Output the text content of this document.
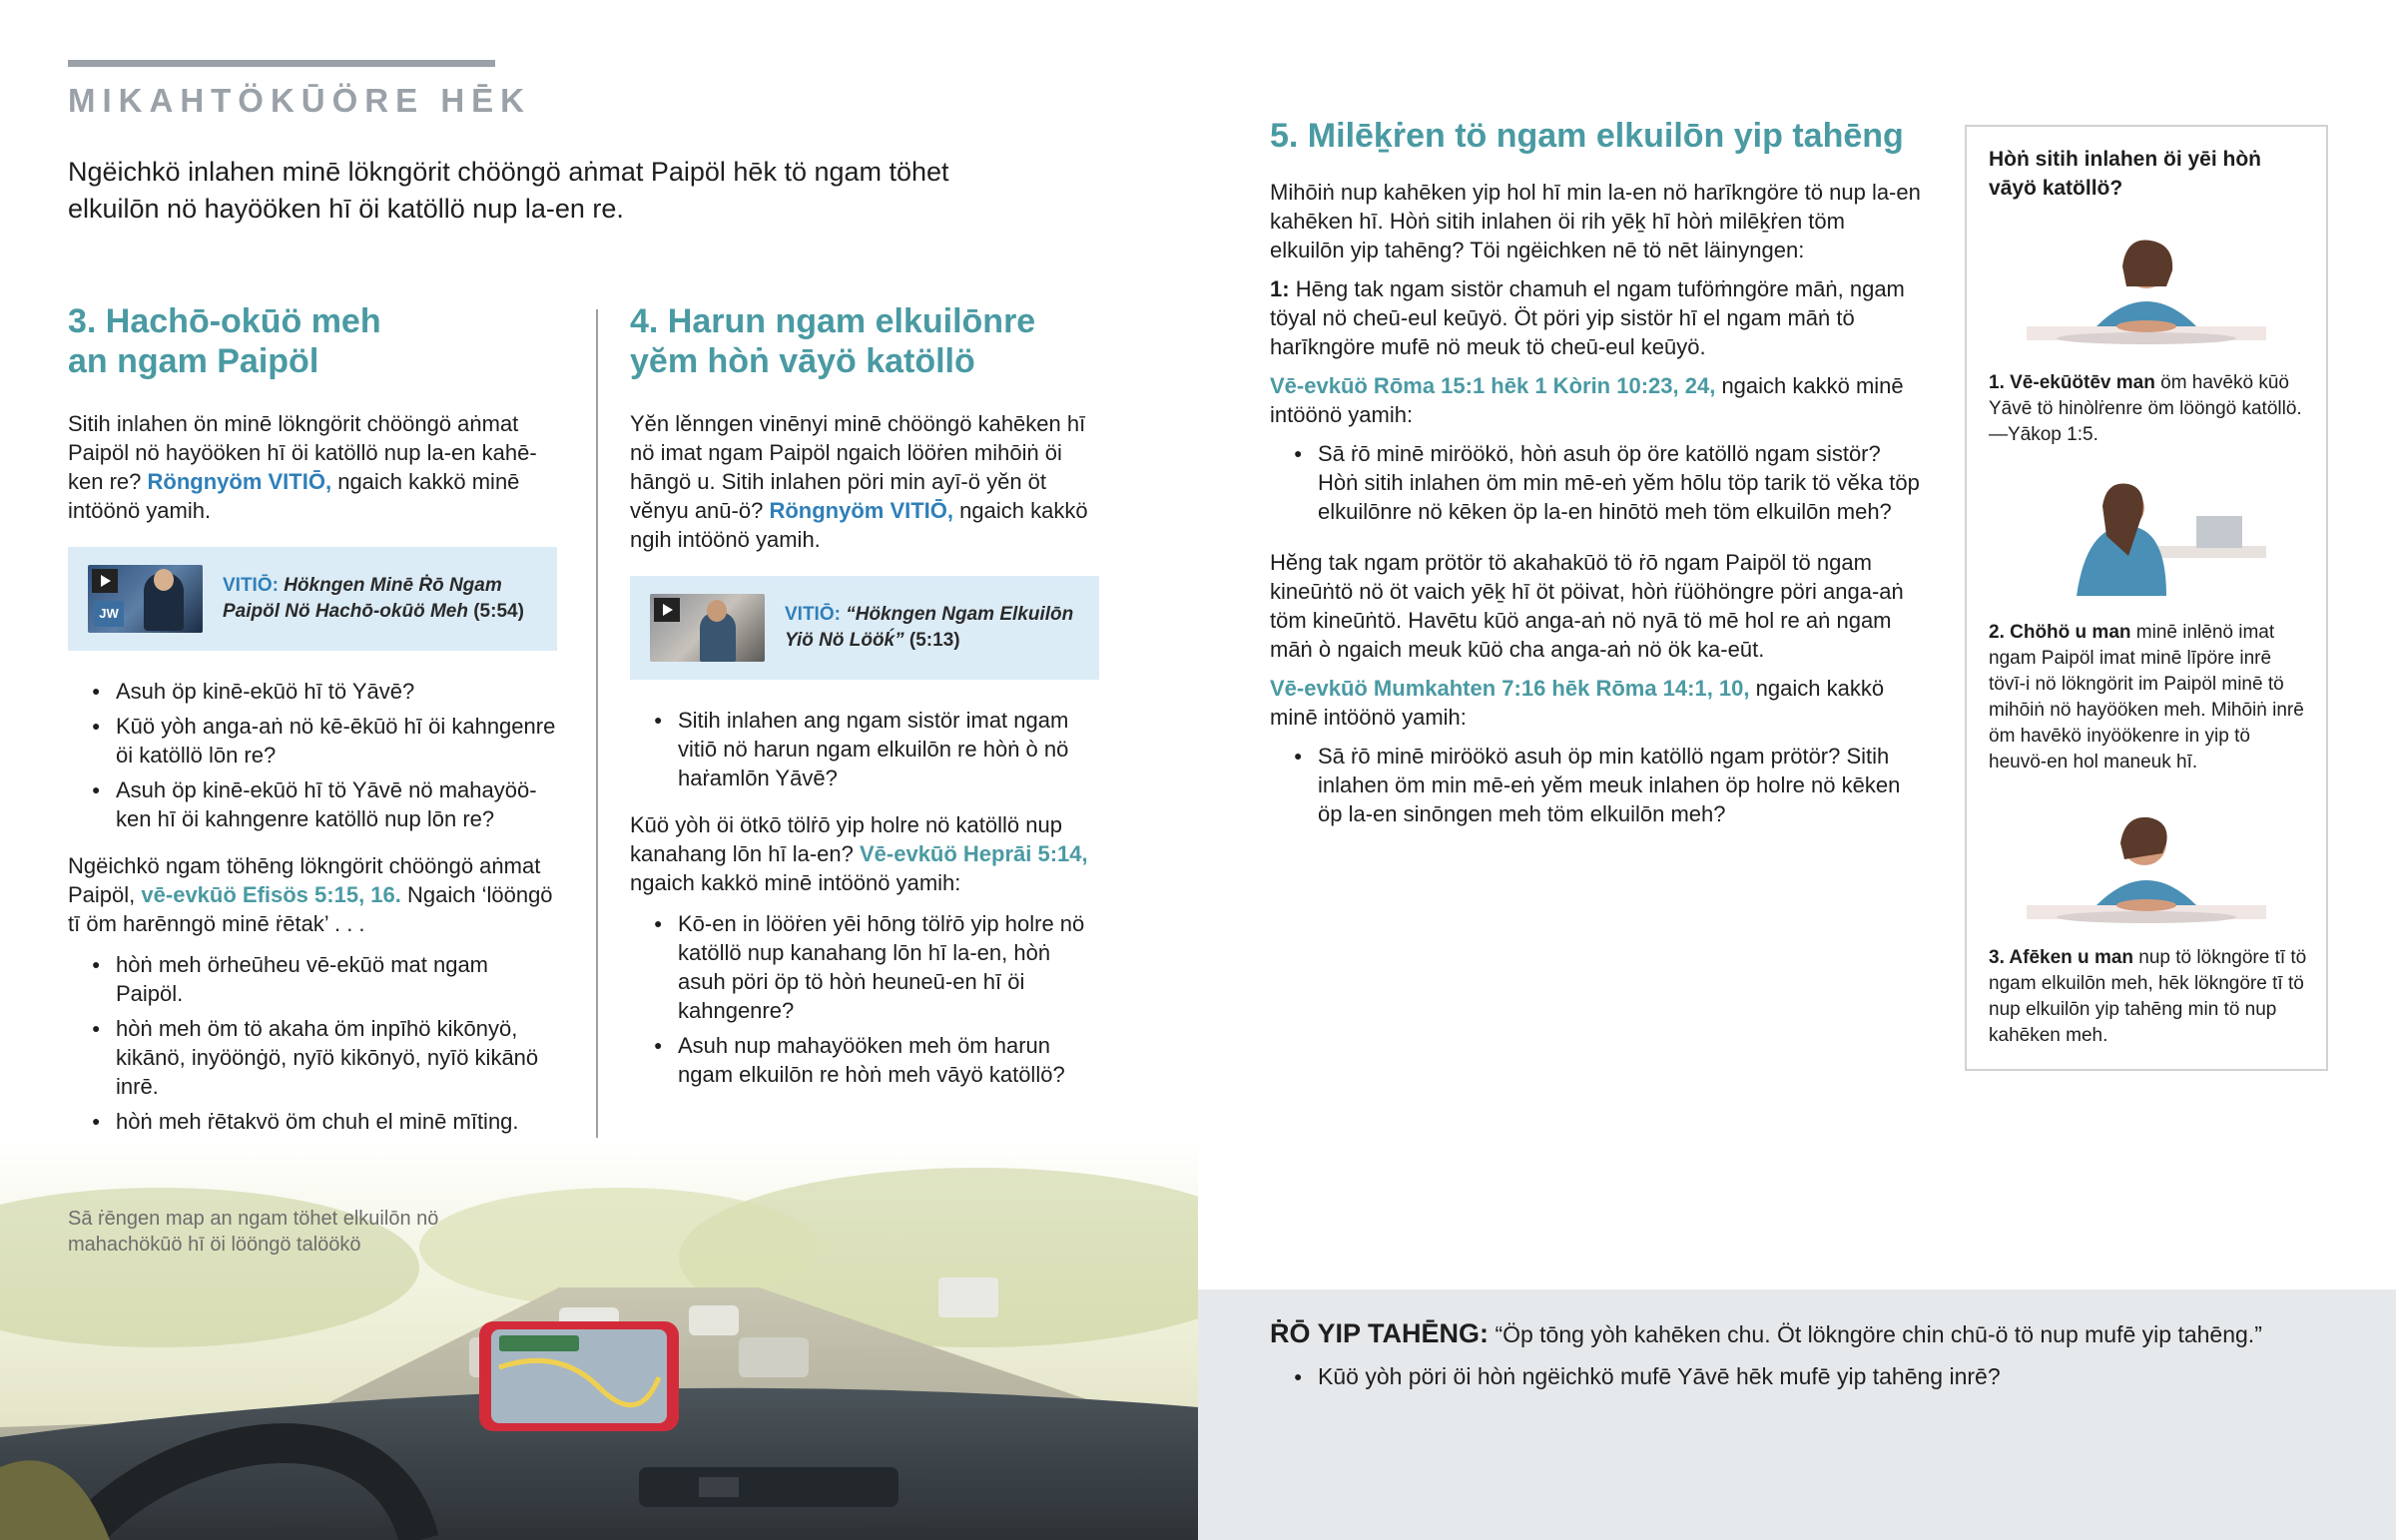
MIKAHTÖKŪÖRE HĒK
Ngëichkö inlahen minē lökngörit chööngö aṅmat Paipöl hēk tö ngam töhet elkuilōn nö hayööken hī öi katöllö nup la-en re.
3. Hachō-okūö meh
an ngam Paipöl

Sitih inlahen ön minē lökngörit chööngö aṅmat Paipöl nö hayööken hī öi katöllö nup la-en kahē-ken re? Röngnyöm VITIŌ, ngaich kakkö minē intöönö yamih.

JW
VITIŌ: Hökngen Minē Ṙō Ngam Paipöl Nö Hachō-okūö Meh (5:54)
● Asuh öp kinē-ekūö hī tö Yāvē?
● Kūö yòh anga-aṅ nö kē-ēkūö hī öi kahngenre öi katöllö lōn re?
● Asuh öp kinē-ekūö hī tö Yāvē nö mahayöö-ken hī öi kahngenre katöllö nup lōn re?

Ngëichkö ngam töhēng lökngörit chööngö aṅmat Paipöl, vē-evkūö Efisös 5:15, 16. Ngaich ‘lööngö tī öm harēnngö minē ṙētak’ . . .

● hòṅ meh örheūheu vē-ekūö mat ngam Paipöl.
● hòṅ meh öm tö akaha öm inpīhö kikōnyö, kikānö, inyöönġö, nyīö kikōnyö, nyīö kikānö inrē.
● hòṅ meh ṙētakvö öm chuh el minē mīting.
4. Harun ngam elkuilōnre
yĕm hòṅ vāyö katöllö

Yĕn lĕnngen vinēnyi minē chööngö kahēken hī nö imat ngam Paipöl ngaich lööṙen mihōiṅ öi hāngö u. Sitih inlahen pöri min ayī-ö yĕn öt vĕnyu anū-ö? Röngnyöm VITIŌ, ngaich kakkö ngih intöönö yamih.

VITIŌ: “Hökngen Ngam Elkuilōn Yiö Nö Lööḱ” (5:13)
● Sitih inlahen ang ngam sistör imat ngam vitiō nö harun ngam elkuilōn re hòṅ ò nö haṙamlōn Yāvē?

Kūö yòh öi ötkō tölṙō yip holre nö katöllö nup kanahang lōn hī la-en? Vē-evkūö Heprāi 5:14, ngaich kakkö minē intöönö yamih:

● Kō-en in lööṙen yēi hōng tölṙō yip holre nö katöllö nup kanahang lōn hī la-en, hòṅ asuh pöri öp tö hòṅ heuneū-en hī öi kahngenre?
● Asuh nup mahayööken meh öm harun ngam elkuilōn re hòṅ meh vāyö katöllö?
Sā ṙēngen map an ngam töhet elkuilōn nö mahachökūö hī öi lööngö talöökö
5. Milēḵṙen tö ngam elkuilōn yip tahēng

Mihōiṅ nup kahēken yip hol hī min la-en nö harīkngöre tö nup la-en kahēken hī. Hòṅ sitih inlahen öi rih yēḵ hī hòṅ milēḵṙen töm elkuilōn yip tahēng? Töi ngëichken nē tö nēt läinyngen:

1: Hēng tak ngam sistör chamuh el ngam tuföṁngöre māṅ, ngam töyal nö cheū-eul keūyö. Öt pöri yip sistör hī el ngam māṅ tö harīkngöre mufē nö meuk tö cheū-eul keūyö.

Vē-evkūö Rōma 15:1 hēk 1 Kòrin 10:23, 24, ngaich kakkö minē intöönö yamih:

● Sā ṙō minē miröökö, hòṅ asuh öp öre katöllö ngam sistör? Hòṅ sitih inlahen öm min mē-eṅ yĕm hōlu töp tarik tö vĕka töp elkuilōnre nö kēken öp la-en hinōtö meh töm elkuilōn meh?

Hĕng tak ngam prötör tö akahakūö tö ṙō ngam Paipöl tö ngam kineūṅtö nö öt vaich yēḵ hī öt pöivat, hòṅ ṙüöhöngre pöri anga-aṅ töm kineūṅtö. Havētu kūö anga-aṅ nö nyā tö mē hol re aṅ ngam māṅ ò ngaich meuk kūö cha anga-aṅ nö ök ka-eūt.

Vē-evkūö Mumkahten 7:16 hēk Rōma 14:1, 10, ngaich kakkö minē intöönö yamih:

● Sā ṙō minē miröökö asuh öp min katöllö ngam prötör? Sitih inlahen öm min mē-eṅ yĕm meuk inlahen öp holre nö kēken öp la-en sinōngen meh töm elkuilōn meh?
Hòṅ sitih inlahen öi yēi hòṅ vāyö katöllö?
1. Vē-ekūötēv man öm havēkö kūö Yāvē tö hinòlṙenre öm lööngö katöllö.—Yākop 1:5.
2. Chöhö u man minē inlēnö imat ngam Paipöl imat minē līpöre inrē tövī-i nö lökngörit im Paipöl minē tö mihōiṅ nö hayööken meh. Mihōiṅ inrē öm havēkö inyöökenre in yip tö heuvö-en hol maneuk hī.
3. Afēken u man nup tö lökngöre tī tö ngam elkuilōn meh, hēk lökngöre tī tö nup elkuilōn yip tahēng min tö nup kahēken meh.
ṘŌ YIP TAHĒNG: “Öp tōng yòh kahēken chu. Öt lökngöre chin chū-ö tö nup mufē yip tahēng.”
● Kūö yòh pöri öi hòṅ ngëichkö mufē Yāvē hēk mufē yip tahēng inrē?
